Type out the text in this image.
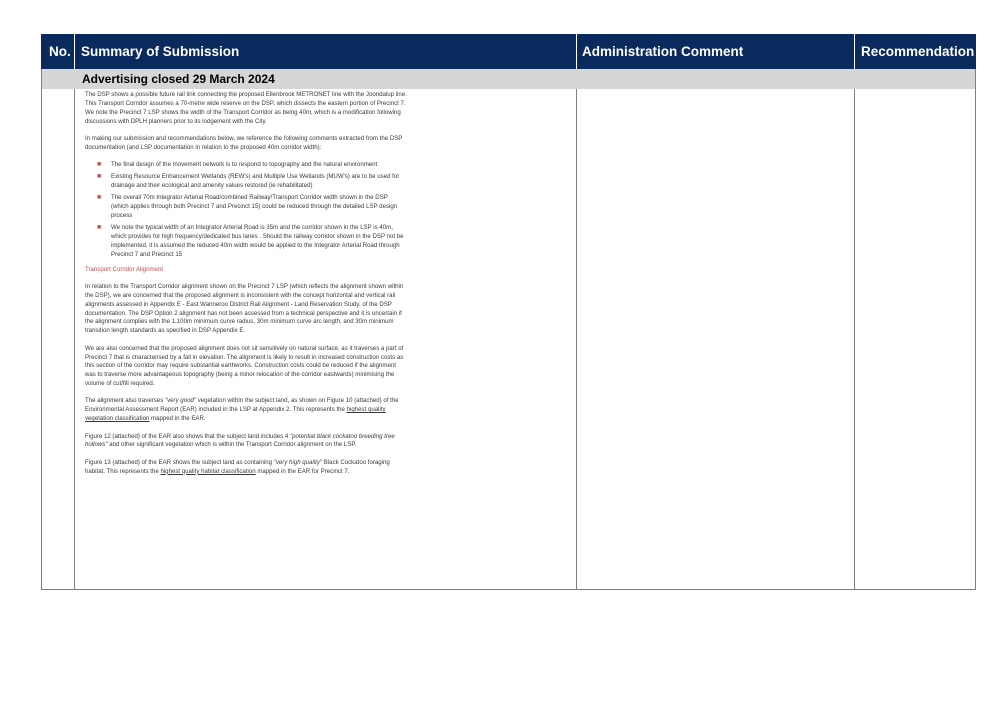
No. Summary of Submission	Administration Comment	Recommendation
Advertising closed 29 March 2024

The DSP shows a possible future rail link connecting the proposed Ellenbrook METRONET line with the Joondalup line. This Transport Corridor assumes a 70-metre wide reserve on the DSP, which dissects the eastern portion of Precinct 7. We note the Precinct 7 LSP shows the width of the Transport Corridor as being 40m, which is a modification following discussions with DPLH planners prior to its lodgement with the City.

In making our submission and recommendations below, we reference the following comments extracted from the DSP documentation (and LSP documentation in relation to the proposed 40m corridor width):

■ The final design of the movement network is to respond to topography and the natural environment
■ Existing Resource Enhancement Wetlands (REW's) and Multiple Use Wetlands (MUW's) are to be used for drainage and their ecological and amenity values restored (ie rehabilitated)
■ The overall 70m Integrator Arterial Road/combined Railway/Transport Corridor width shown in the DSP (which applies through both Precinct 7 and Precinct 15) could be reduced through the detailed LSP design process
■ We note the typical width of an Integrator Arterial Road is 35m and the corridor shown in the LSP is 40m, which provides for high frequency/dedicated bus lanes . Should the railway corridor shown in the DSP not be implemented, it is assumed the reduced 40m width would be applied to the Integrator Arterial Road through Precinct 7 and Precinct 15

Transport Corridor Alignment

In relation to the Transport Corridor alignment shown on the Precinct 7 LSP (which reflects the alignment shown within the DSP), we are concerned that the proposed alignment is inconsistent with the concept horizontal and vertical rail alignments assessed in Appendix E - East Wanneroo District Rail Alignment - Land Reservation Study, of the DSP documentation. The DSP Option 2 alignment has not been assessed from a technical perspective and it is uncertain if the alignment complies with the 1,100m minimum curve radius, 30m minimum curve arc length, and 30m minimum transition length standards as specified in DSP Appendix E.

We are also concerned that the proposed alignment does not sit sensitively on natural surface, as it traverses a part of Precinct 7 that is characterised by a fall in elevation. The alignment is likely to result in increased construction costs as this section of the corridor may require substantial earthworks. Construction costs could be reduced if the alignment was to traverse more advantageous topography (being a minor relocation of the corridor eastwards) minimising the volume of cut/fill required.

The alignment also traverses "very good" vegetation within the subject land, as shown on Figure 10 (attached) of the Environmental Assessment Report (EAR) included in the LSP at Appendix 2. This represents the highest quality vegetation classification mapped in the EAR.

Figure 12 (attached) of the EAR also shows that the subject land includes 4 "potential black cockatoo breeding tree hollows" and other significant vegetation which is within the Transport Corridor alignment on the LSP.

Figure 13 (attached) of the EAR shows the subject land as containing "very high quality" Black Cockatoo foraging habitat. This represents the highest quality habitat classification mapped in the EAR for Precinct 7.
